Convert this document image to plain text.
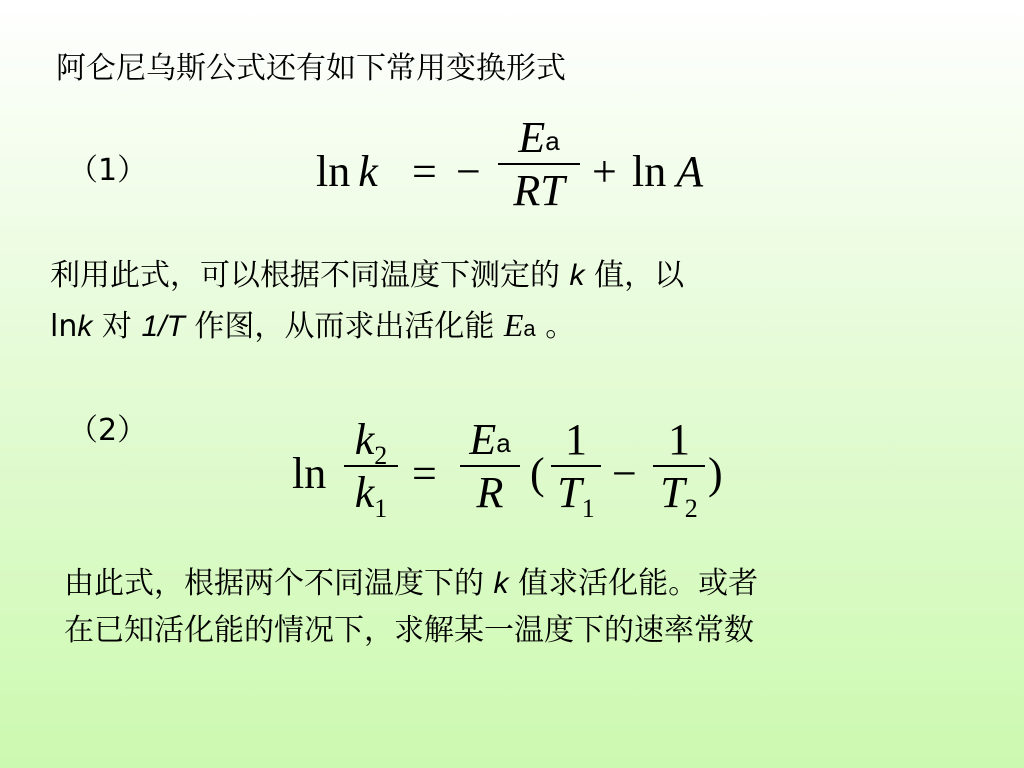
阿仑尼乌斯公式还有如下常用变换形式
（1）	ln k = −
Ea
RT + ln A
利用此式，可以根据不同温度下测定的 k 值，以
lnk 对 1/T 作图，从而求出活化能 Ea 。
（2）
ln
$k_2$
$k_1$
=
Ea
R (
1
$T_1$
−
1
$T_2$
)
由此式，根据两个不同温度下的 k 值求活化能。或者
在已知活化能的情况下，求解某一温度下的速率常数
